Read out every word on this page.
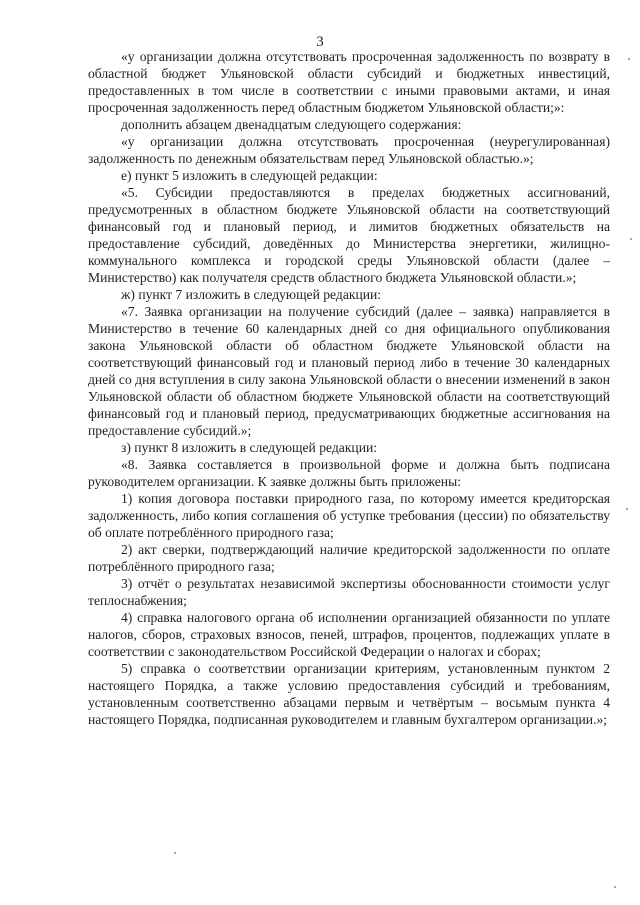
3

«у организации должна отсутствовать просроченная задолженность по возврату в областной бюджет Ульяновской области субсидий и бюджетных инвестиций, предоставленных в том числе в соответствии с иными правовыми актами, и иная просроченная задолженность перед областным бюджетом Ульяновской области;»:

дополнить абзацем двенадцатым следующего содержания:

«у организации должна отсутствовать просроченная (неурегулированная) задолженность по денежным обязательствам перед Ульяновской областью.»;

е) пункт 5 изложить в следующей редакции:

«5. Субсидии предоставляются в пределах бюджетных ассигнований, предусмотренных в областном бюджете Ульяновской области на соответствующий финансовый год и плановый период, и лимитов бюджетных обязательств на предоставление субсидий, доведённых до Министерства энергетики, жилищно-коммунального комплекса и городской среды Ульяновской области (далее – Министерство) как получателя средств областного бюджета Ульяновской области.»;

ж) пункт 7 изложить в следующей редакции:

«7. Заявка организации на получение субсидий (далее – заявка) направляется в Министерство в течение 60 календарных дней со дня официального опубликования закона Ульяновской области об областном бюджете Ульяновской области на соответствующий финансовый год и плановый период либо в течение 30 календарных дней со дня вступления в силу закона Ульяновской области о внесении изменений в закон Ульяновской области об областном бюджете Ульяновской области на соответствующий финансовый год и плановый период, предусматривающих бюджетные ассигнования на предоставление субсидий.»;

з) пункт 8 изложить в следующей редакции:

«8. Заявка составляется в произвольной форме и должна быть подписана руководителем организации. К заявке должны быть приложены:

1) копия договора поставки природного газа, по которому имеется кредиторская задолженность, либо копия соглашения об уступке требования (цессии) по обязательству об оплате потреблённого природного газа;

2) акт сверки, подтверждающий наличие кредиторской задолженности по оплате потреблённого природного газа;

3) отчёт о результатах независимой экспертизы обоснованности стоимости услуг теплоснабжения;

4) справка налогового органа об исполнении организацией обязанности по уплате налогов, сборов, страховых взносов, пеней, штрафов, процентов, подлежащих уплате в соответствии с законодательством Российской Федерации о налогах и сборах;

5) справка о соответствии организации критериям, установленным пунктом 2 настоящего Порядка, а также условию предоставления субсидий и требованиям, установленным соответственно абзацами первым и четвёртым – восьмым пункта 4 настоящего Порядка, подписанная руководителем и главным бухгалтером организации.»;
